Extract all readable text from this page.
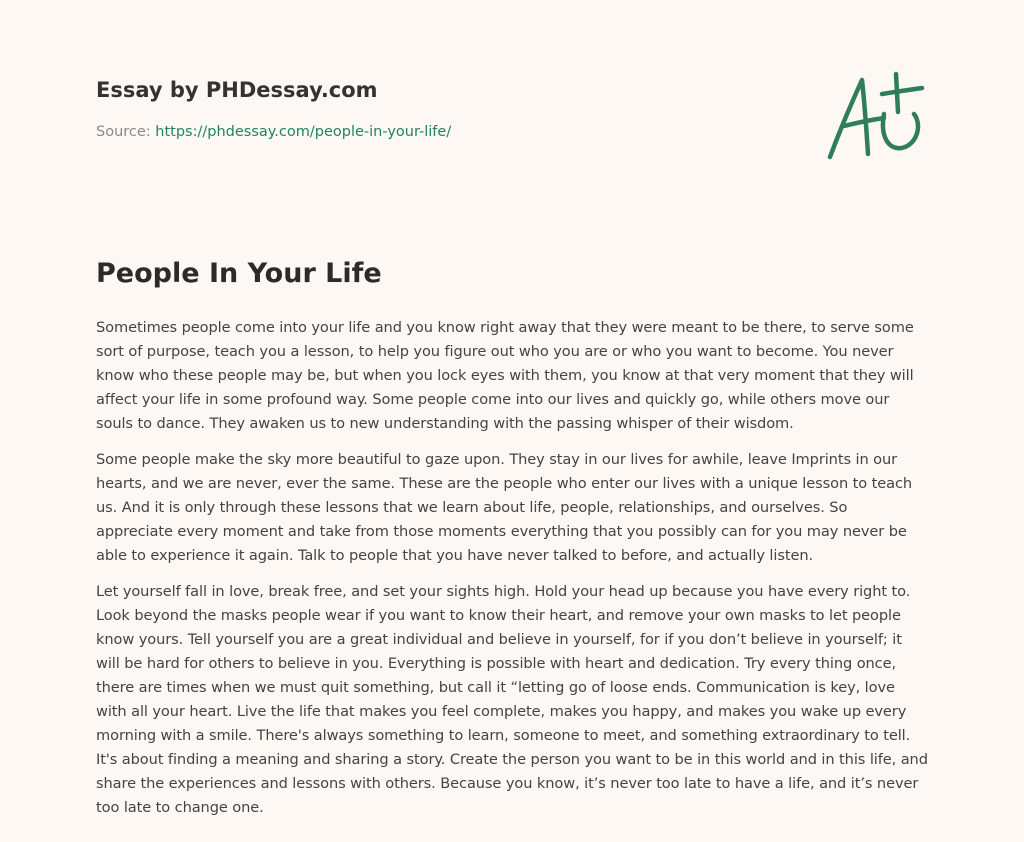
Essay by PHDessay.com
Source: https://phdessay.com/people-in-your-life/
People In Your Life

Sometimes people come into your life and you know right away that they were meant to be there, to serve some sort of purpose, teach you a lesson, to help you figure out who you are or who you want to become. You never know who these people may be, but when you lock eyes with them, you know at that very moment that they will affect your life in some profound way. Some people come into our lives and quickly go, while others move our souls to dance. They awaken us to new understanding with the passing whisper of their wisdom.

Some people make the sky more beautiful to gaze upon. They stay in our lives for awhile, leave Imprints in our hearts, and we are never, ever the same. These are the people who enter our lives with a unique lesson to teach us. And it is only through these lessons that we learn about life, people, relationships, and ourselves. So appreciate every moment and take from those moments everything that you possibly can for you may never be able to experience it again. Talk to people that you have never talked to before, and actually listen.

Let yourself fall in love, break free, and set your sights high. Hold your head up because you have every right to. Look beyond the masks people wear if you want to know their heart, and remove your own masks to let people know yours. Tell yourself you are a great individual and believe in yourself, for if you don’t believe in yourself; it will be hard for others to believe in you. Everything is possible with heart and dedication. Try every thing once, there are times when we must quit something, but call it “letting go of loose ends. Communication is key, love with all your heart. Live the life that makes you feel complete, makes you happy, and makes you wake up every morning with a smile. There's always something to learn, someone to meet, and something extraordinary to tell. It's about finding a meaning and sharing a story. Create the person you want to be in this world and in this life, and share the experiences and lessons with others. Because you know, it’s never too late to have a life, and it’s never too late to change one.
